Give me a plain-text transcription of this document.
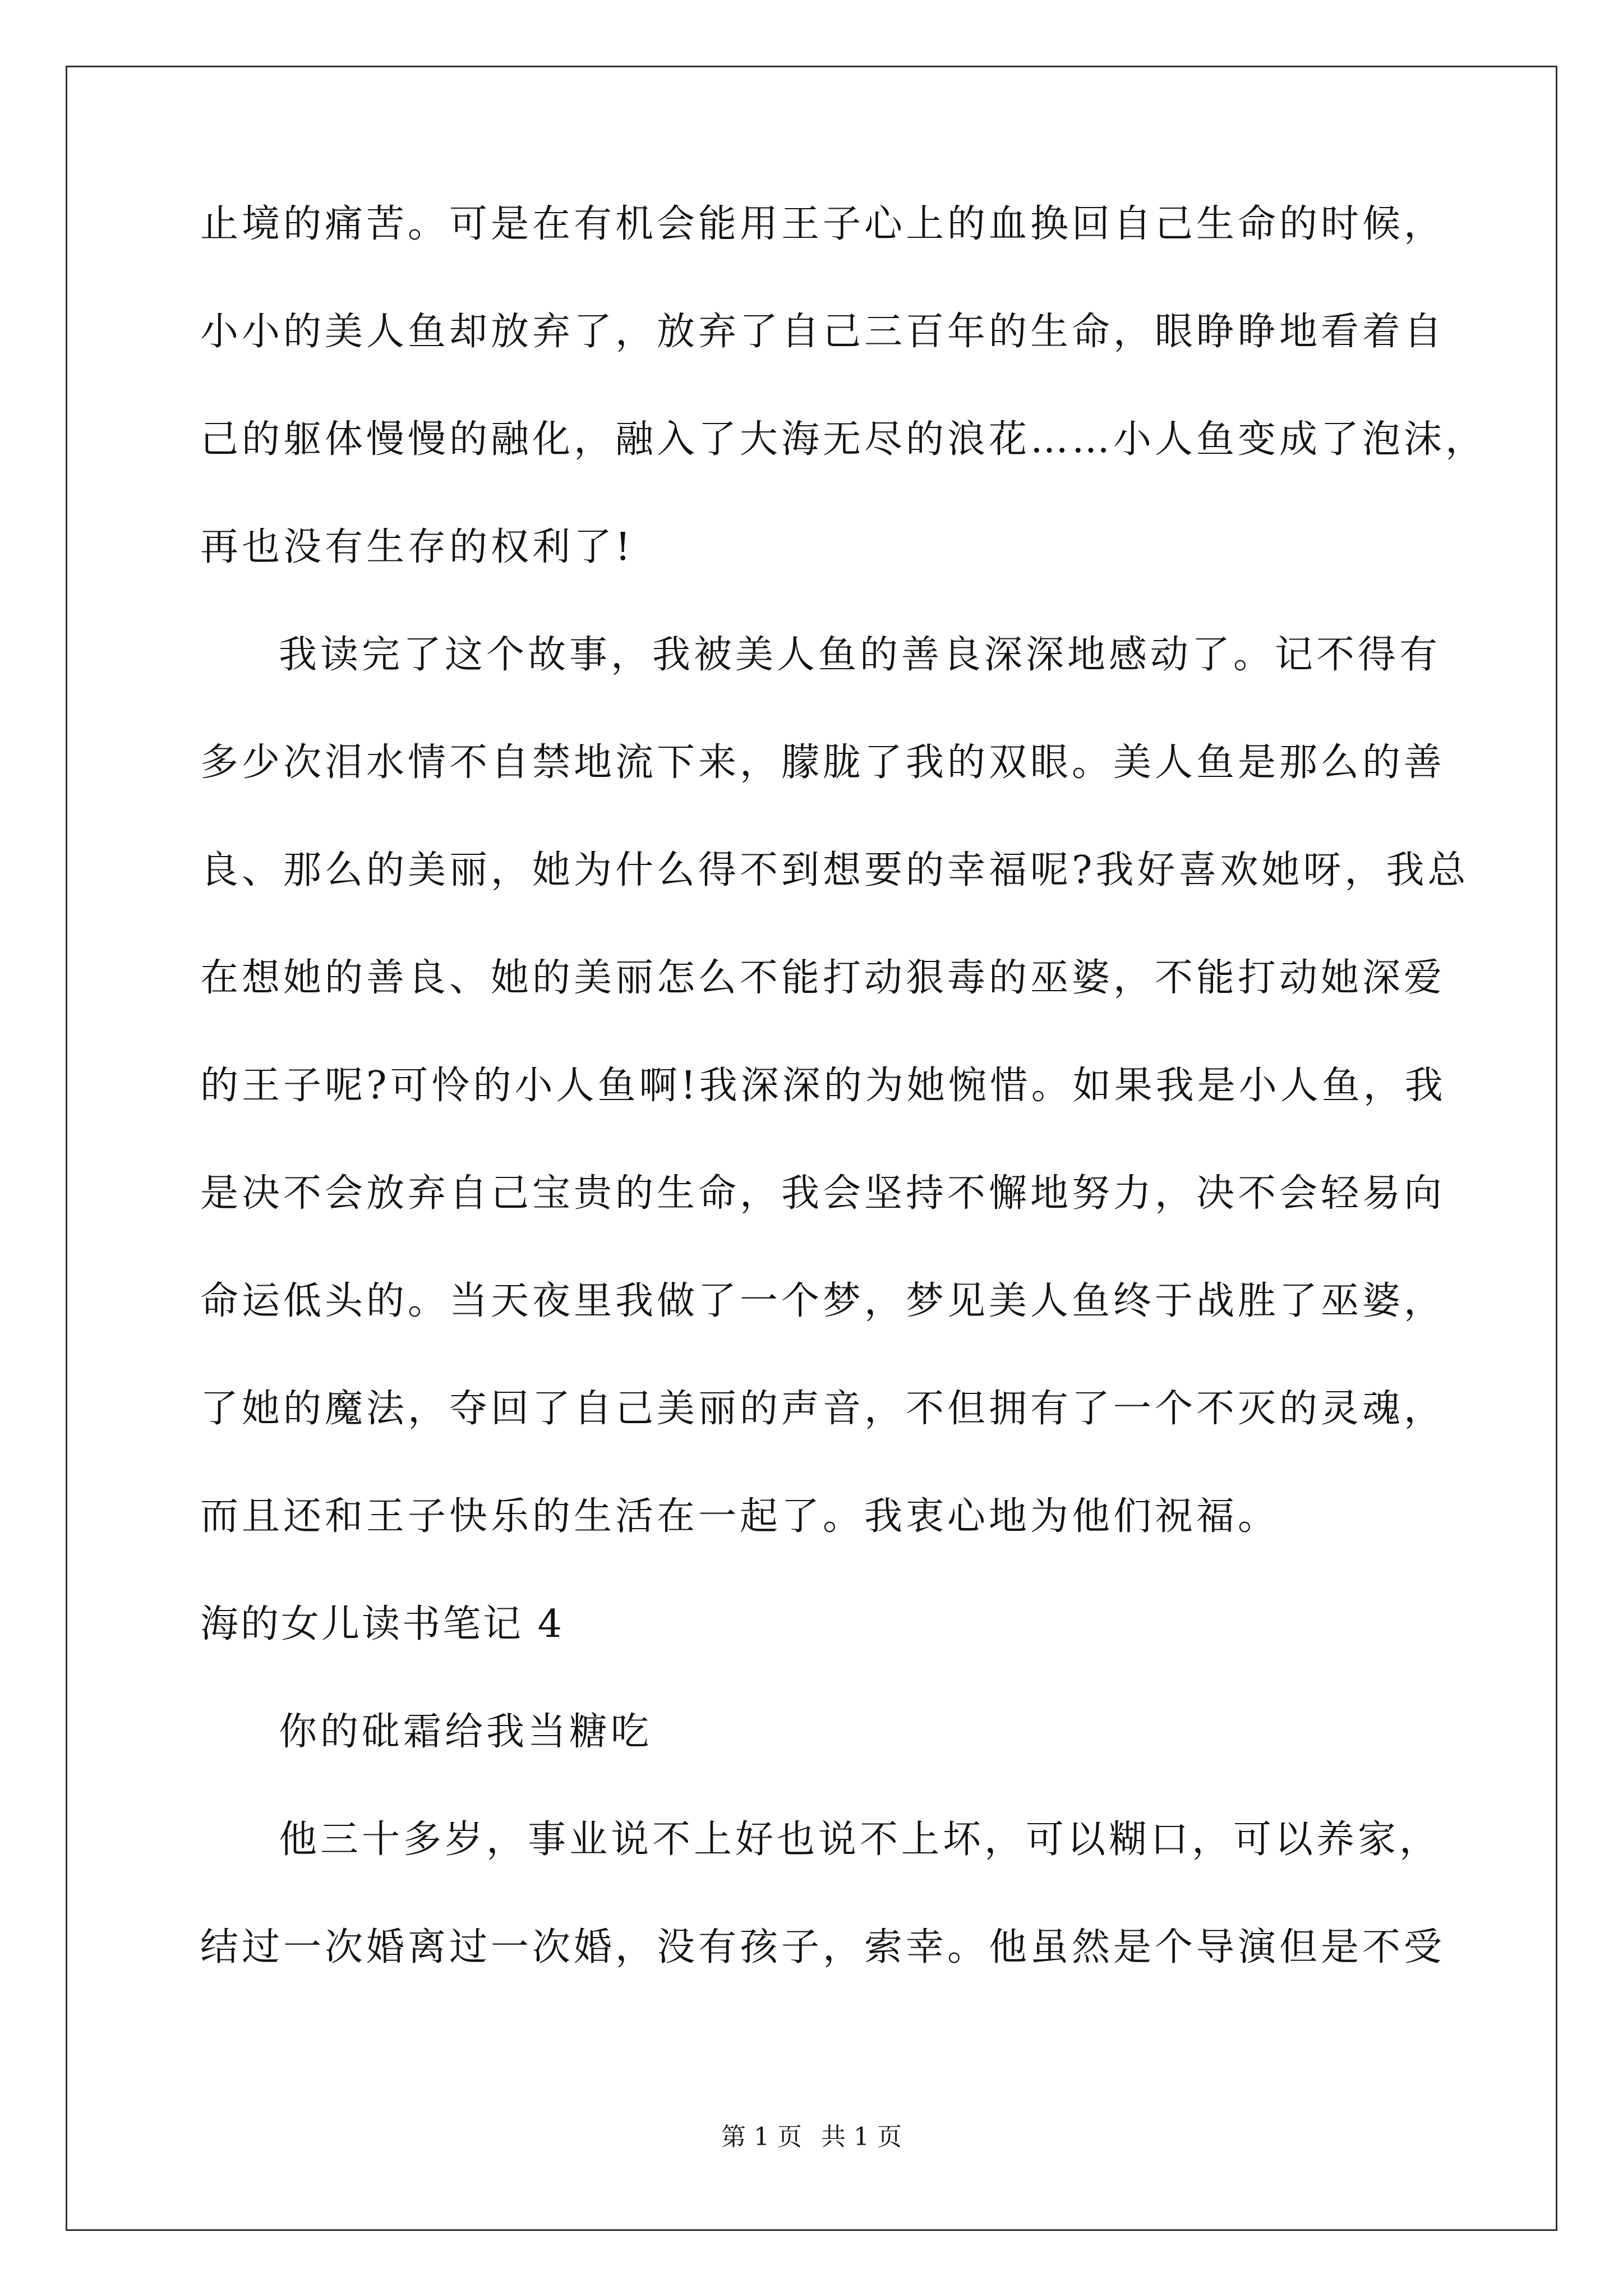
止境的痛苦。可是在有机会能用王子心上的血换回自己生命的时候，
小小的美人鱼却放弃了，放弃了自己三百年的生命，眼睁睁地看着自
己的躯体慢慢的融化，融入了大海无尽的浪花……小人鱼变成了泡沫，
再也没有生存的权利了!
我读完了这个故事，我被美人鱼的善良深深地感动了。记不得有
多少次泪水情不自禁地流下来，朦胧了我的双眼。美人鱼是那么的善
良、那么的美丽，她为什么得不到想要的幸福呢?我好喜欢她呀，我总
在想她的善良、她的美丽怎么不能打动狠毒的巫婆，不能打动她深爱
的王子呢?可怜的小人鱼啊!我深深的为她惋惜。如果我是小人鱼，我
是决不会放弃自己宝贵的生命，我会坚持不懈地努力，决不会轻易向
命运低头的。当天夜里我做了一个梦，梦见美人鱼终于战胜了巫婆，
了她的魔法，夺回了自己美丽的声音，不但拥有了一个不灭的灵魂，
而且还和王子快乐的生活在一起了。我衷心地为他们祝福。
海的女儿读书笔记 4
你的砒霜给我当糖吃
他三十多岁，事业说不上好也说不上坏，可以糊口，可以养家，
结过一次婚离过一次婚，没有孩子，索幸。他虽然是个导演但是不受
第 1 页 共 1 页
